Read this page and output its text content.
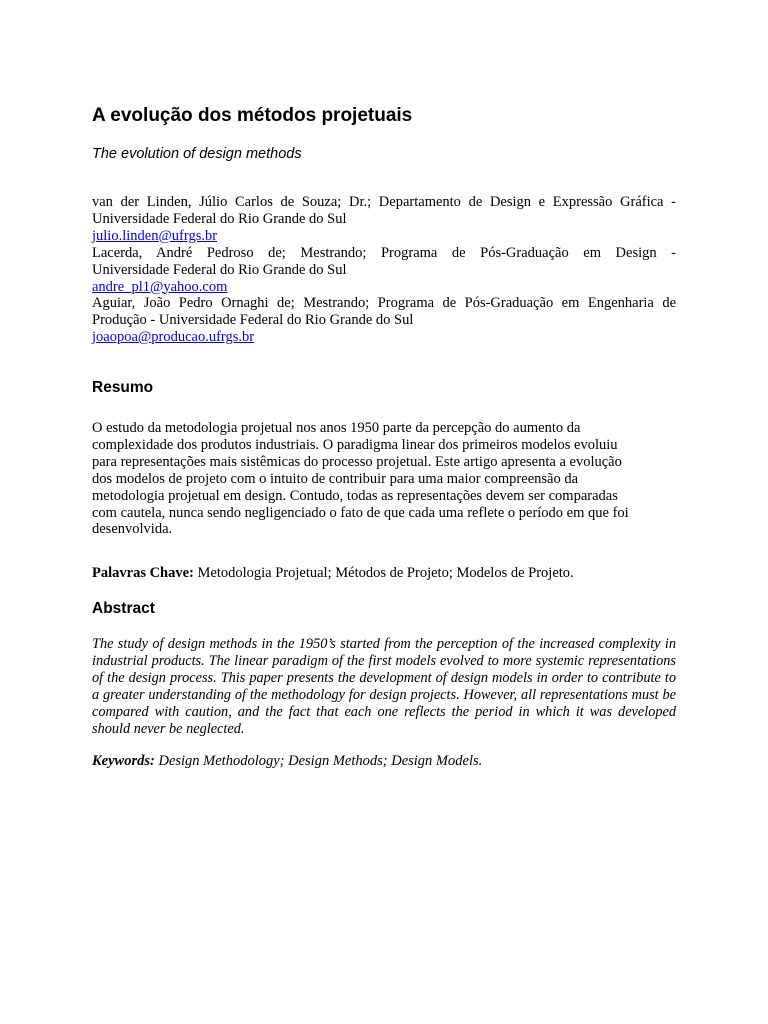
A evolução dos métodos projetuais
The evolution of design methods
van der Linden, Júlio Carlos de Souza; Dr.; Departamento de Design e Expressão Gráfica -
Universidade Federal do Rio Grande do Sul
julio.linden@ufrgs.br
Lacerda, André Pedroso de; Mestrando; Programa de Pós-Graduação em Design -
Universidade Federal do Rio Grande do Sul
andre_pl1@yahoo.com
Aguiar, João Pedro Ornaghi de; Mestrando; Programa de Pós-Graduação em Engenharia de
Produção - Universidade Federal do Rio Grande do Sul
joaopoa@producao.ufrgs.br
Resumo
O estudo da metodologia projetual nos anos 1950 parte da percepção do aumento da
complexidade dos produtos industriais. O paradigma linear dos primeiros modelos evoluiu
para representações mais sistêmicas do processo projetual. Este artigo apresenta a evolução
dos modelos de projeto com o intuito de contribuir para uma maior compreensão da
metodologia projetual em design. Contudo, todas as representações devem ser comparadas
com cautela, nunca sendo negligenciado o fato de que cada uma reflete o período em que foi
desenvolvida.

Palavras Chave: Metodologia Projetual; Métodos de Projeto; Modelos de Projeto.

Abstract

The study of design methods in the 1950’s started from the perception of the increased complexity in industrial products. The linear paradigm of the first models evolved to more systemic representations of the design process. This paper presents the development of design models in order to contribute to a greater understanding of the methodology for design projects. However, all representations must be compared with caution, and the fact that each one reflects the period in which it was developed should never be neglected.

Keywords: Design Methodology; Design Methods; Design Models.
